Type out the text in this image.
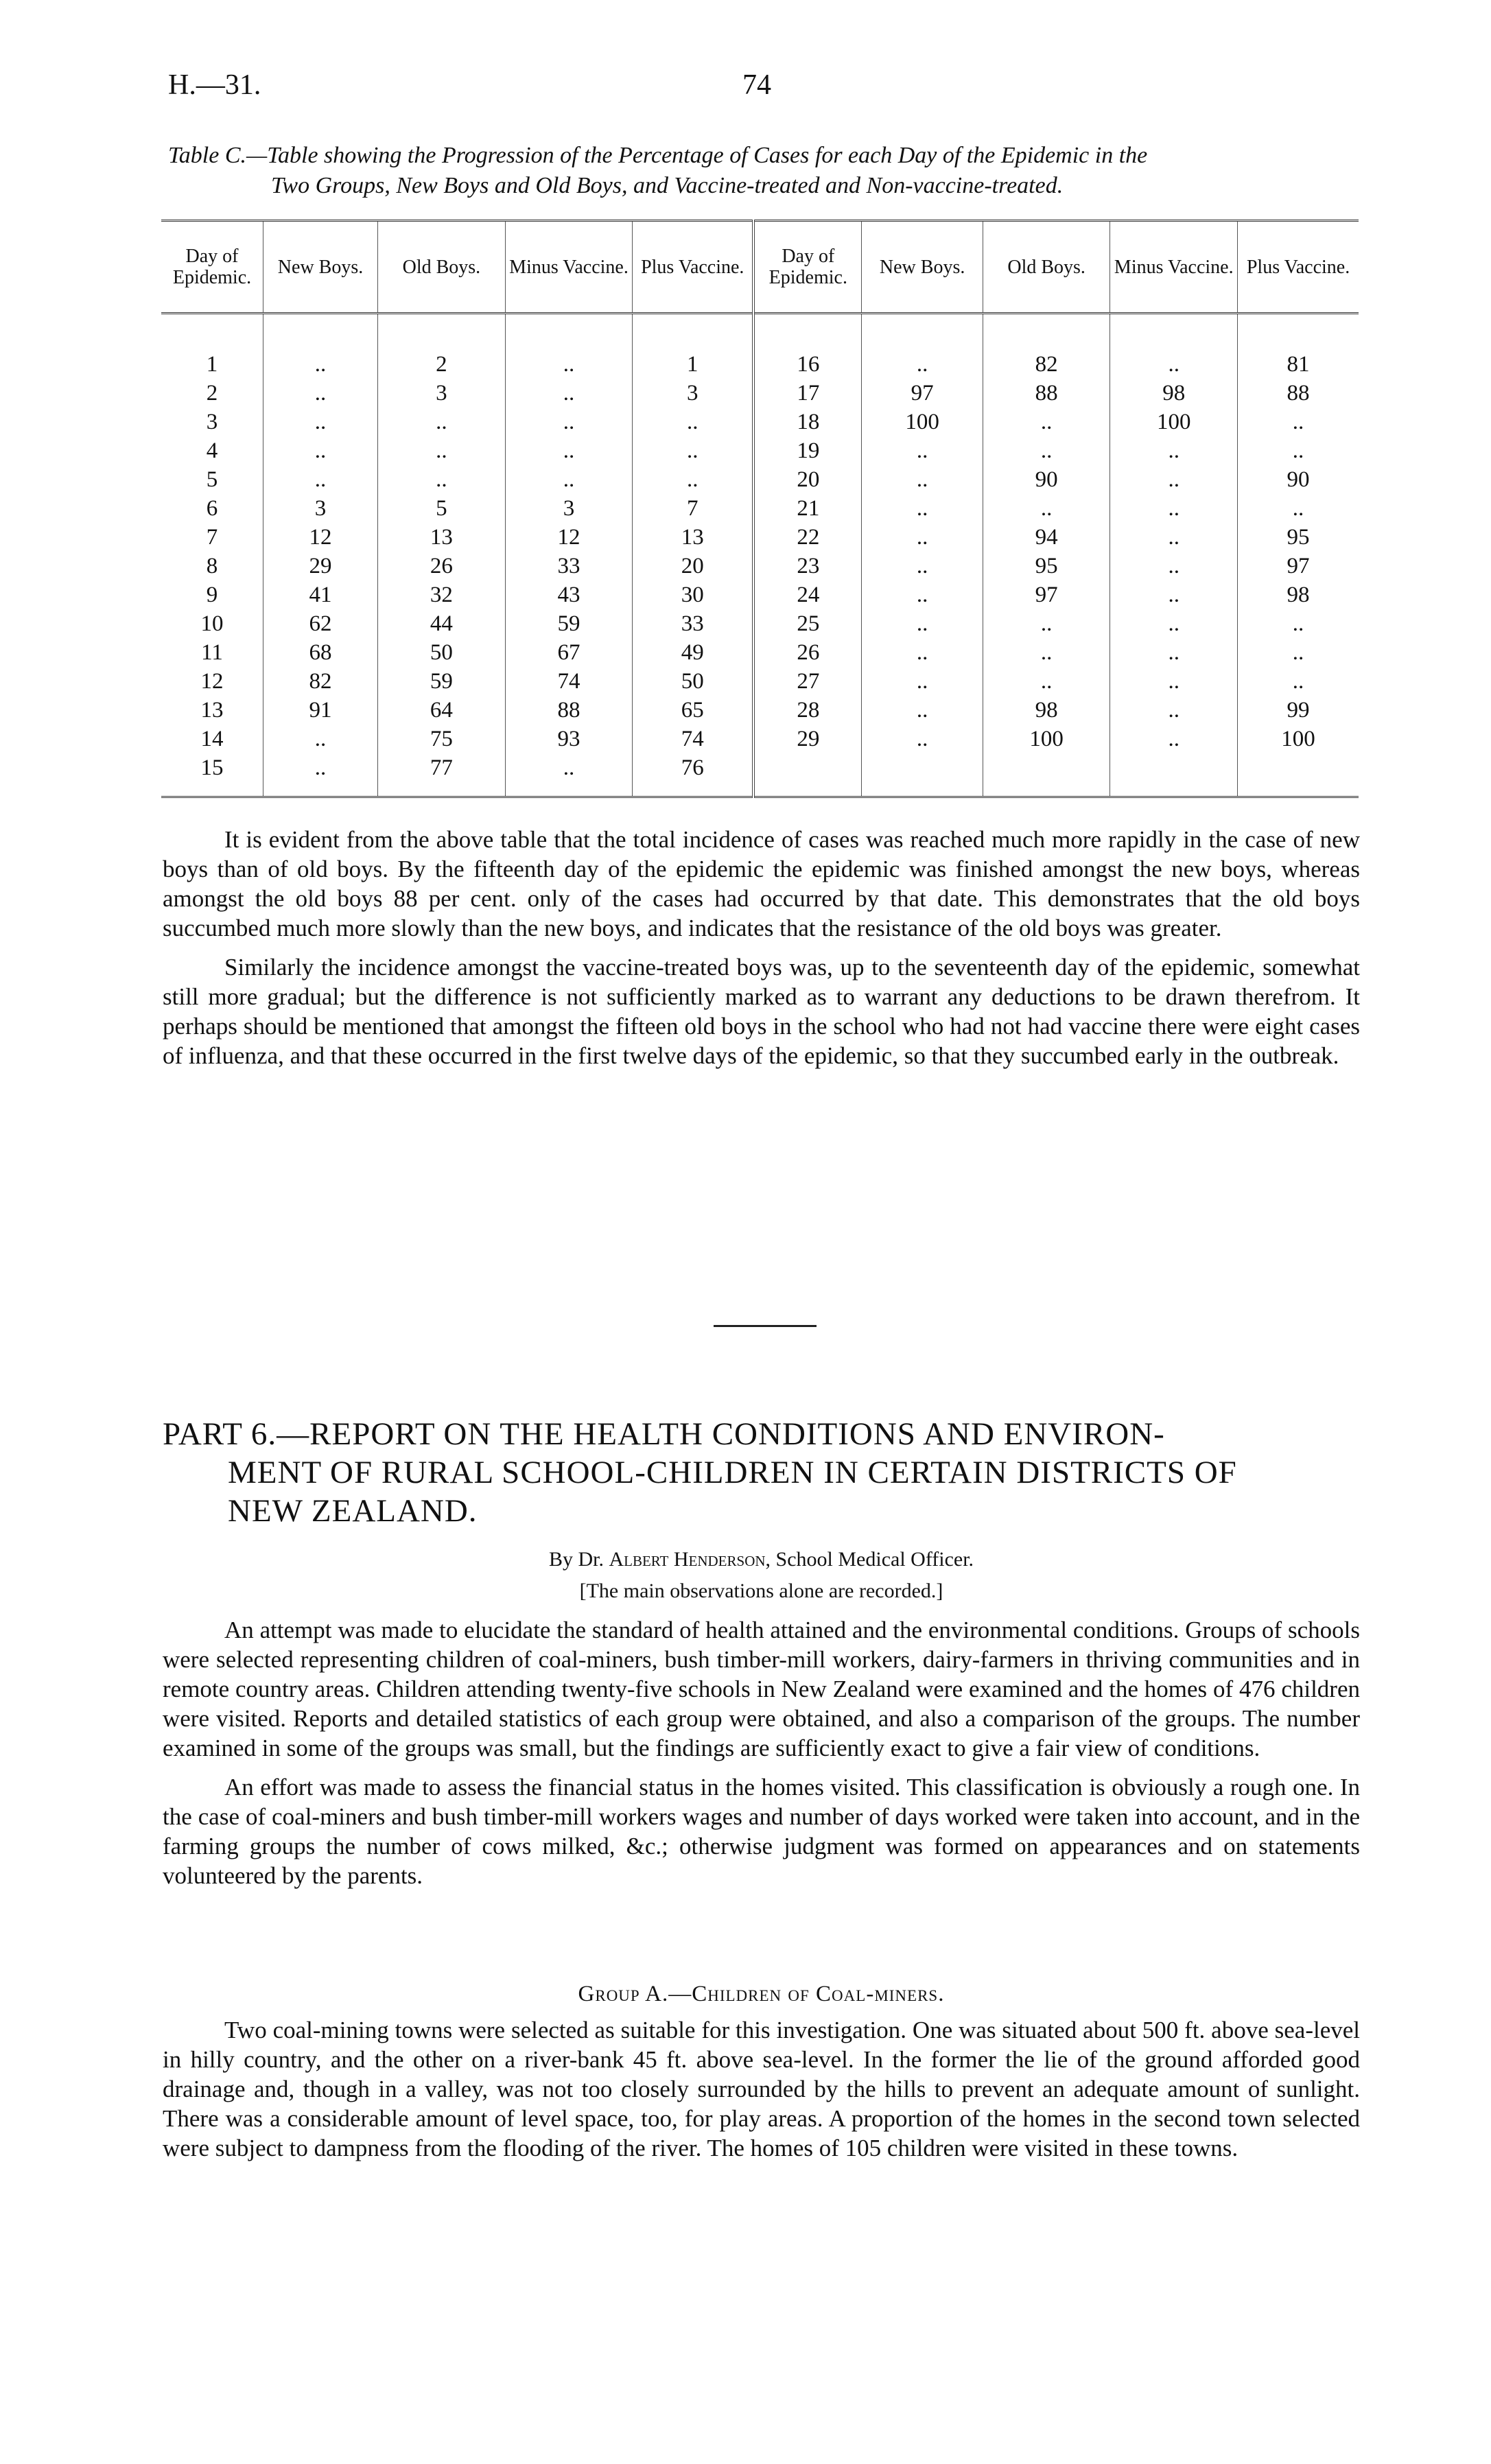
H.—31.	74
Table C.—Table showing the Progression of the Percentage of Cases for each Day of the Epidemic in the
Two Groups, New Boys and Old Boys, and Vaccine-treated and Non-vaccine-treated.
Day of Epidemic.	New Boys.	Old Boys.	Minus Vaccine.	Plus Vaccine.	Day of Epidemic.	New Boys.	Old Boys.	Minus Vaccine.	Plus Vaccine.

1	..	2	..	1	16	..	82	..	81
2	..	3	..	3	17	97	88	98	88
3	..	..	..	..	18	100	..	100	..
4	..	..	..	..	19	..	..	..	..
5	..	..	..	..	20	..	90	..	90
6	3	5	3	7	21	..	..	..	..
7	12	13	12	13	22	..	94	..	95
8	29	26	33	20	23	..	95	..	97
9	41	32	43	30	24	..	97	..	98
10	62	44	59	33	25	..	..	..	..
11	68	50	67	49	26	..	..	..	..
12	82	59	74	50	27	..	..	..	..
13	91	64	88	65	28	..	98	..	99
14	..	75	93	74	29	..	100	..	100
15	..	77	..	76					

It is evident from the above table that the total incidence of cases was reached much more rapidly in the case of new boys than of old boys. By the fifteenth day of the epidemic the epidemic was finished amongst the new boys, whereas amongst the old boys 88 per cent. only of the cases had occurred by that date. This demonstrates that the old boys succumbed much more slowly than the new boys, and indicates that the resistance of the old boys was greater.

Similarly the incidence amongst the vaccine-treated boys was, up to the seventeenth day of the epidemic, somewhat still more gradual; but the difference is not sufficiently marked as to warrant any deductions to be drawn therefrom. It perhaps should be mentioned that amongst the fifteen old boys in the school who had not had vaccine there were eight cases of influenza, and that these occurred in the first twelve days of the epidemic, so that they succumbed early in the outbreak.

PART 6.—REPORT ON THE HEALTH CONDITIONS AND ENVIRON-
MENT OF RURAL SCHOOL-CHILDREN IN CERTAIN DISTRICTS OF
NEW ZEALAND.
By Dr. Albert Henderson, School Medical Officer.
[The main observations alone are recorded.]

An attempt was made to elucidate the standard of health attained and the environmental conditions. Groups of schools were selected representing children of coal-miners, bush timber-mill workers, dairy-farmers in thriving communities and in remote country areas. Children attending twenty-five schools in New Zealand were examined and the homes of 476 children were visited. Reports and detailed statistics of each group were obtained, and also a comparison of the groups. The number examined in some of the groups was small, but the findings are sufficiently exact to give a fair view of conditions.

An effort was made to assess the financial status in the homes visited. This classification is obviously a rough one. In the case of coal-miners and bush timber-mill workers wages and number of days worked were taken into account, and in the farming groups the number of cows milked, &c.; otherwise judgment was formed on appearances and on statements volunteered by the parents.

Group A.—Children of Coal-miners.

Two coal-mining towns were selected as suitable for this investigation. One was situated about 500 ft. above sea-level in hilly country, and the other on a river-bank 45 ft. above sea-level. In the former the lie of the ground afforded good drainage and, though in a valley, was not too closely surrounded by the hills to prevent an adequate amount of sunlight. There was a considerable amount of level space, too, for play areas. A proportion of the homes in the second town selected were subject to dampness from the flooding of the river. The homes of 105 children were visited in these towns.
